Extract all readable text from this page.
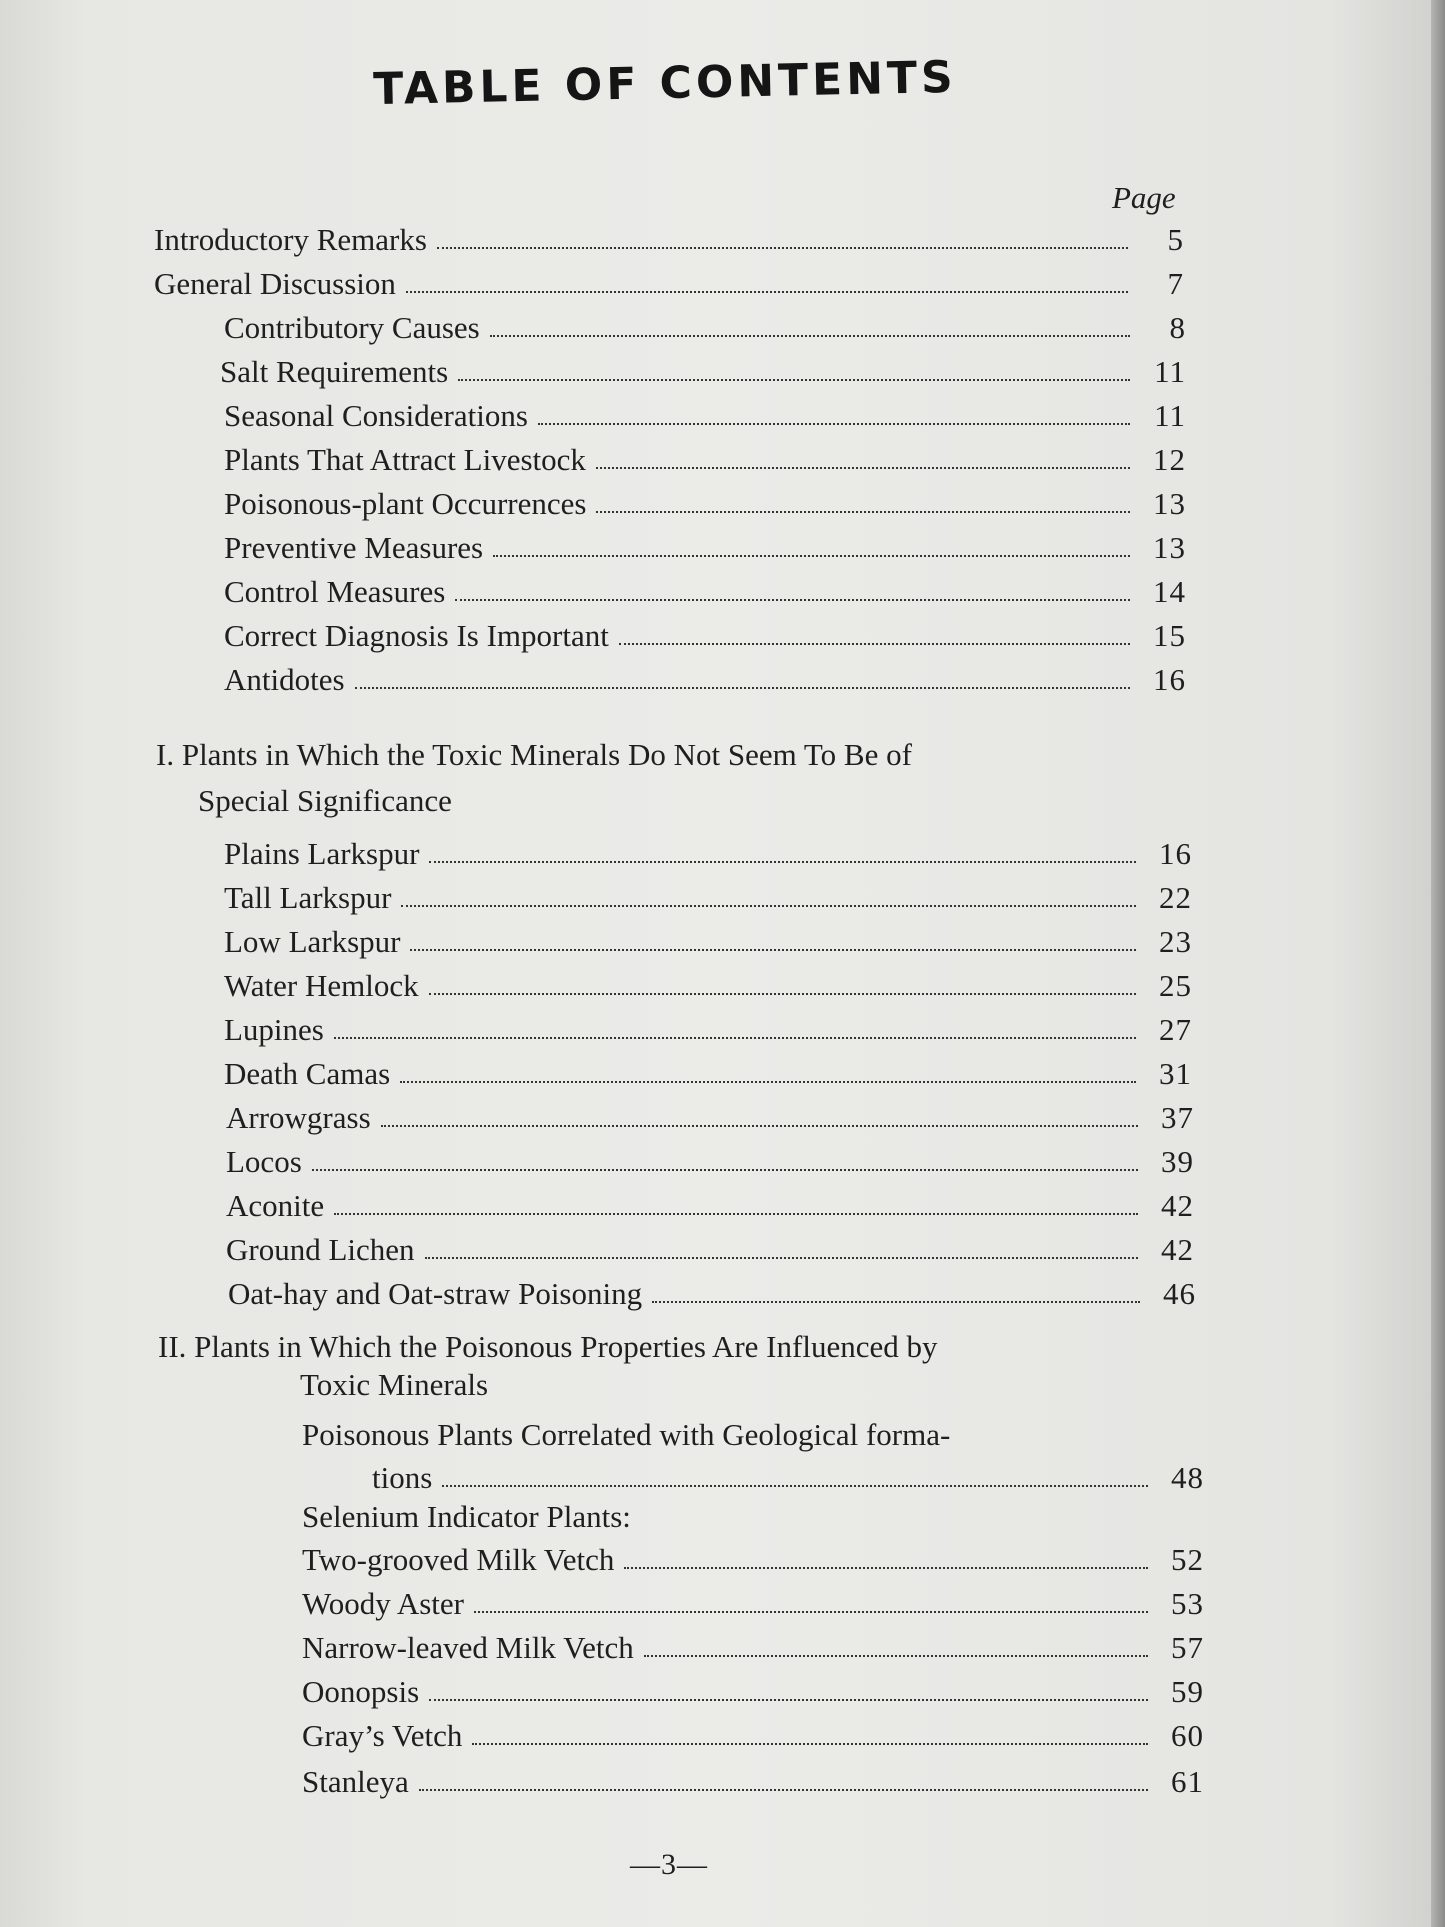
TABLE OF CONTENTS
Page
Introductory Remarks	5
General Discussion	7
Contributory Causes	8
Salt Requirements	11
Seasonal Considerations	11
Plants That Attract Livestock	12
Poisonous-plant Occurrences	13
Preventive Measures	13
Control Measures	14
Correct Diagnosis Is Important	15
Antidotes	16
I. Plants in Which the Toxic Minerals Do Not Seem To Be of
Special Significance
Plains Larkspur	16
Tall Larkspur	22
Low Larkspur	23
Water Hemlock	25
Lupines	27
Death Camas	31
Arrowgrass	37
Locos	39
Aconite	42
Ground Lichen	42
Oat-hay and Oat-straw Poisoning	46
II. Plants in Which the Poisonous Properties Are Influenced by
Toxic Minerals
Poisonous Plants Correlated with Geological forma-
tions	48
Selenium Indicator Plants:
Two-grooved Milk Vetch	52
Woody Aster	53
Narrow-leaved Milk Vetch	57
Oonopsis	59
Gray’s Vetch	60
Stanleya	61
—3—
